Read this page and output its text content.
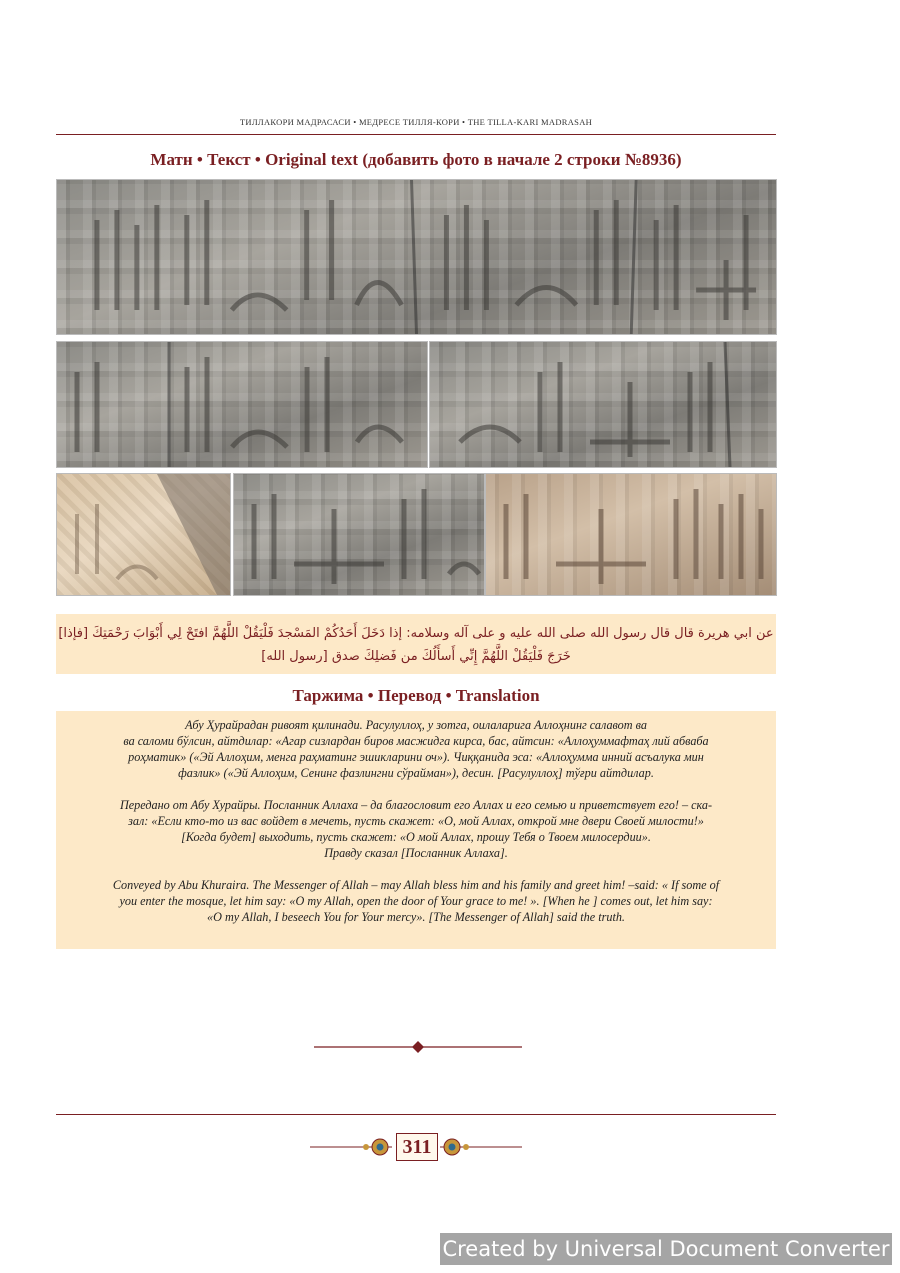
ТИЛЛАКОРИ МАДРАСАСИ • МЕДРЕСЕ ТИЛЛЯ-КОРИ • THE TILLA-KARI MADRASAH
Матн • Текст • Original text (добавить фото в начале 2 строки №8936)
عن ابي هريرة قال قال رسول الله صلى الله عليه و على آله وسلامه: إذا دَخَلَ أَحَدُكُمْ المَسْجدَ فَلْيَقُلْ اللَّهُمَّ افتَحْ لِي أَبْوَابَ رَحْمَتِكَ [فإذا]
خَرَجَ فَلْيَقُلْ اللَّهُمَّ إِنِّي أَسأَلُكَ من فَضلِكَ صدق [رسول الله]
Таржима • Перевод • Translation

Абу Ҳурайрадан ривоят қилинади. Расулуллоҳ, у зотга, оилаларига Аллоҳнинг салавот ва
ва саломи бўлсин, айтдилар: «Агар сизлардан биров масжидга кирса, бас, айтсин: «Аллоҳуммафтаҳ лий абваба
роҳматик» («Эй Аллоҳим, менга раҳматинг эшикларини оч»). Чиққанида эса: «Аллоҳумма инний асъалука мин
фазлик» («Эй Аллоҳим, Сенинг фазлингни сўрайман»), десин. [Расулуллоҳ] тўғри айтдилар.

Передано от Абу Хурайры. Посланник Аллаха – да благословит его Аллах и его семью и приветствует его! – ска-
зал: «Если кто-то из вас войдет в мечеть, пусть скажет: «О, мой Аллах, открой мне двери Своей милости!»
[Когда будет] выходить, пусть скажет: «О мой Аллах, прошу Тебя о Твоем милосердии».
Правду сказал [Посланник Аллаха].

Conveyed by Abu Khuraira. The Messenger of Allah – may Allah bless him and his family and greet him! –said: « If some of
you enter the mosque, let him say: «O my Allah, open the door of Your grace to me! ». [When he ] comes out, let him say:
«O my Allah, I beseech You for Your mercy». [The Messenger of Allah] said the truth.

311
Created by Universal Document Converter
